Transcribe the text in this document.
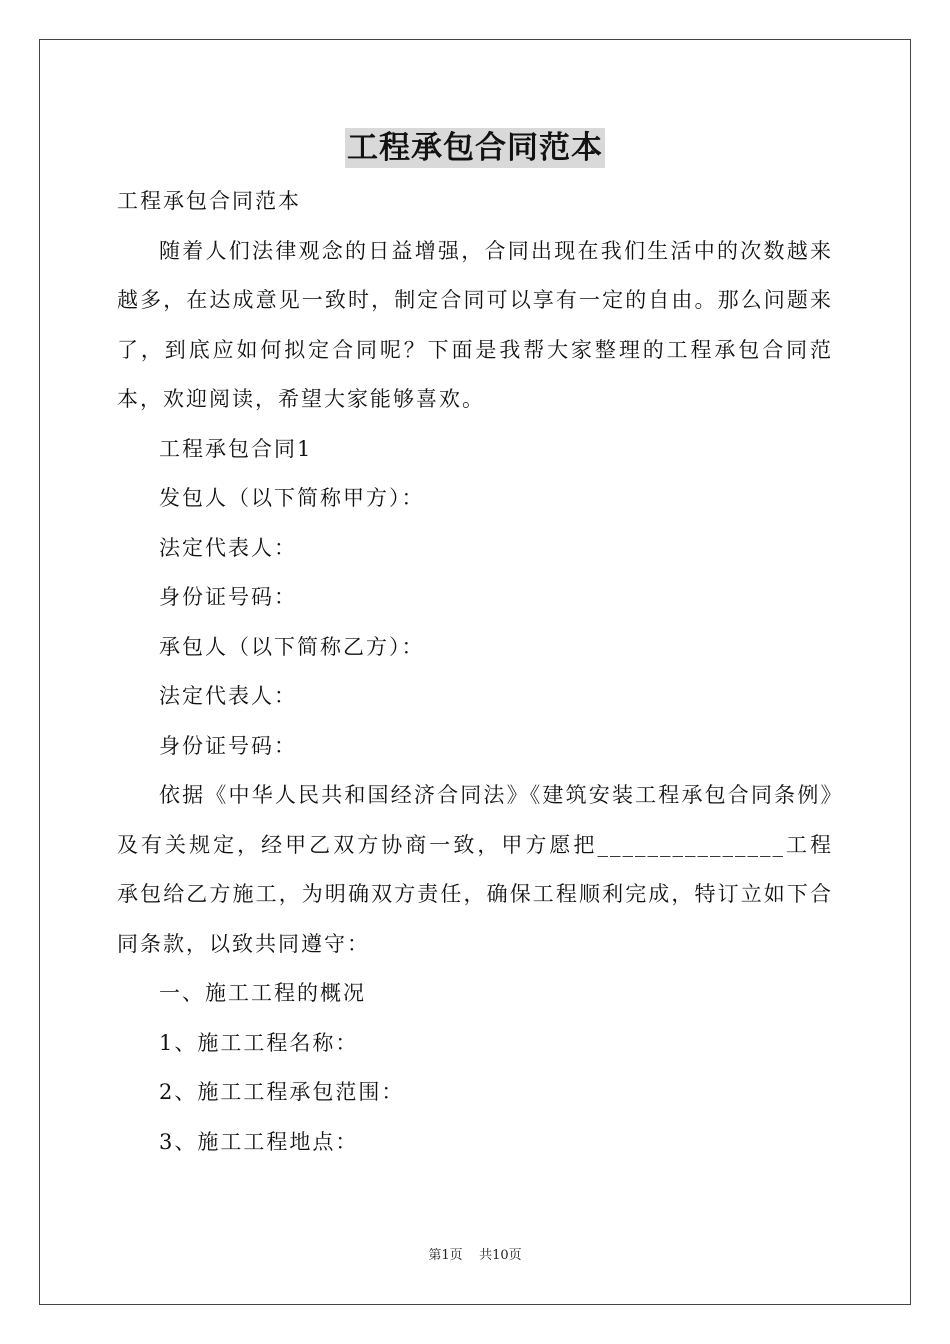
工程承包合同范本

工程承包合同范本

随着人们法律观念的日益增强，合同出现在我们生活中的次数越来越多，在达成意见一致时，制定合同可以享有一定的自由。那么问题来了，到底应如何拟定合同呢？下面是我帮大家整理的工程承包合同范本，欢迎阅读，希望大家能够喜欢。

工程承包合同1

发包人（以下简称甲方）：

法定代表人：

身份证号码：

承包人（以下简称乙方）：

法定代表人：

身份证号码：

依据《中华人民共和国经济合同法》《建筑安装工程承包合同条例》及有关规定，经甲乙双方协商一致，甲方愿把_______________工程承包给乙方施工，为明确双方责任，确保工程顺利完成，特订立如下合同条款，以致共同遵守：

一、施工工程的概况

1、施工工程名称：

2、施工工程承包范围：

3、施工工程地点：

第1页 共10页
